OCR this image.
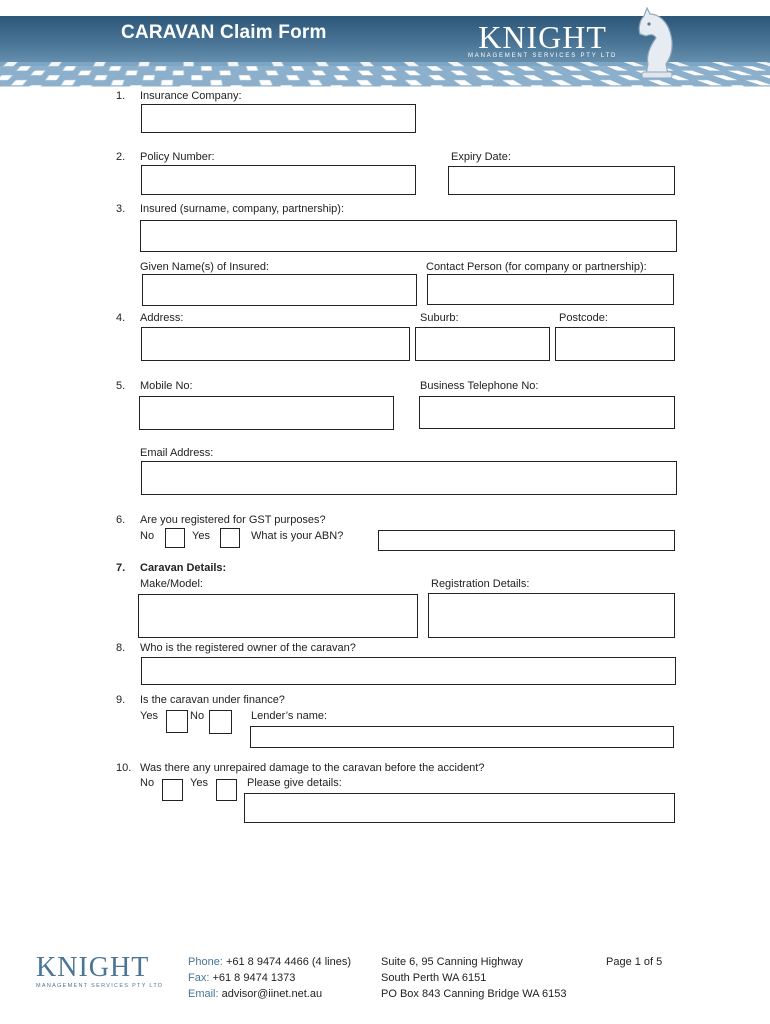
CARAVAN Claim Form	KNIGHT
MANAGEMENT SERVICES PTY LTD
1. Insurance Company:
2. Policy Number:	Expiry Date:
3. Insured (surname, company, partnership):
Given Name(s) of Insured:	Contact Person (for company or partnership):
4. Address:	Suburb:	Postcode:
5. Mobile No:	Business Telephone No:
Email Address:
6. Are you registered for GST purposes?
No	Yes	What is your ABN?
7. Caravan Details:
Make/Model:	Registration Details:
8. Who is the registered owner of the caravan?
9. Is the caravan under finance?
Yes	No	Lender’s name:
10. Was there any unrepaired damage to the caravan before the accident?
No	Yes	Please give details:
KNIGHT
MANAGEMENT SERVICES PTY LTD
Phone: +61 8 9474 4466 (4 lines)
Fax: +61 8 9474 1373
Email: advisor@iinet.net.au
Suite 6, 95 Canning Highway
South Perth WA 6151
PO Box 843 Canning Bridge WA 6153
Page 1 of 5
